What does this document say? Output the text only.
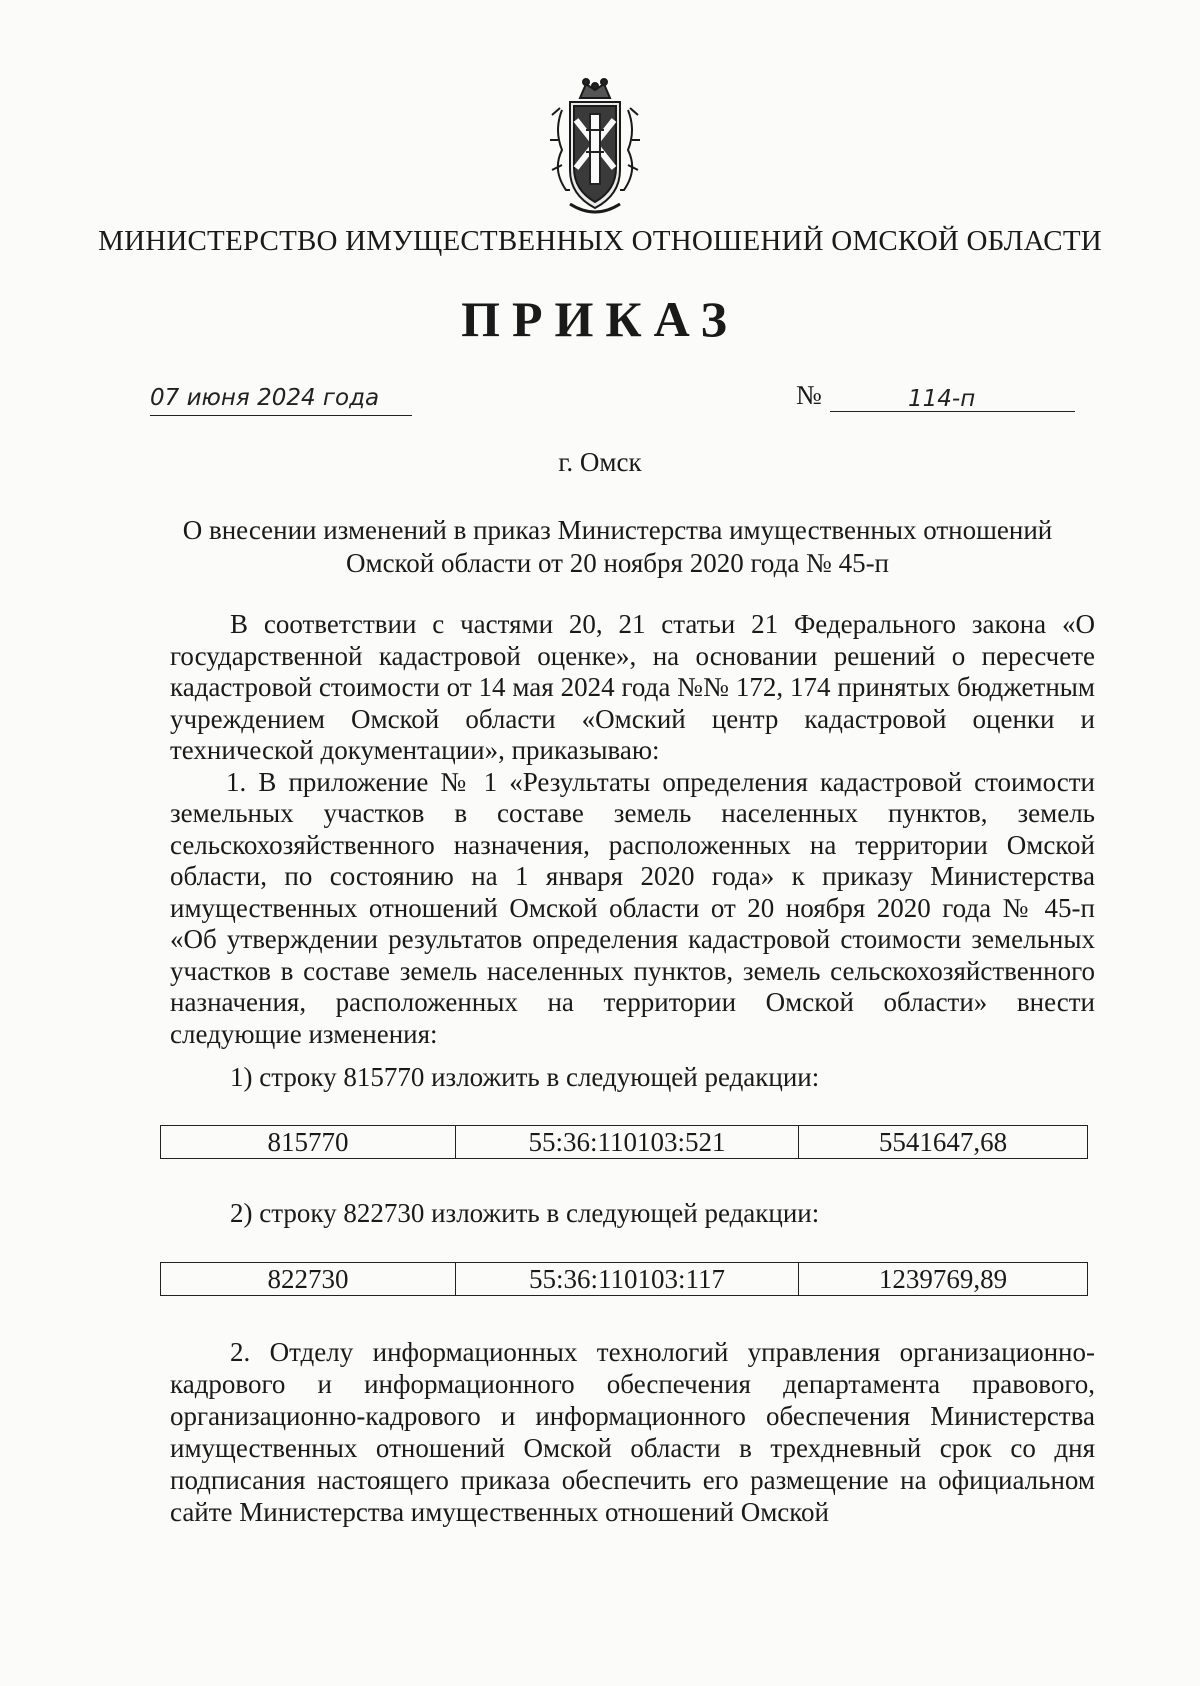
МИНИСТЕРСТВО ИМУЩЕСТВЕННЫХ ОТНОШЕНИЙ ОМСКОЙ ОБЛАСТИ
ПРИКАЗ
07 июня 2024 года	№	114-п
г. Омск
О внесении изменений в приказ Министерства имущественных отношений
Омской области от 20 ноября 2020 года № 45-п

В соответствии с частями 20, 21 статьи 21 Федерального закона «О государственной кадастровой оценке», на основании решений о пересчете кадастровой стоимости от 14 мая 2024 года №№ 172, 174 принятых бюджетным учреждением Омской области «Омский центр кадастровой оценки и технической документации», приказываю:

1. В приложение № 1 «Результаты определения кадастровой стоимости земельных участков в составе земель населенных пунктов, земель сельскохозяйственного назначения, расположенных на территории Омской области, по состоянию на 1 января 2020 года» к приказу Министерства имущественных отношений Омской области от 20 ноября 2020 года № 45-п «Об утверждении результатов определения кадастровой стоимости земельных участков в составе земель населенных пунктов, земель сельскохозяйственного назначения, расположенных на территории Омской области» внести следующие изменения:

1) строку 815770 изложить в следующей редакции:
815770	55:36:110103:521	5541647,68
2) строку 822730 изложить в следующей редакции:
822730	55:36:110103:117	1239769,89

2. Отделу информационных технологий управления организационно-кадрового и информационного обеспечения департамента правового, организационно-кадрового и информационного обеспечения Министерства имущественных отношений Омской области в трехдневный срок со дня подписания настоящего приказа обеспечить его размещение на официальном сайте Министерства имущественных отношений Омской
